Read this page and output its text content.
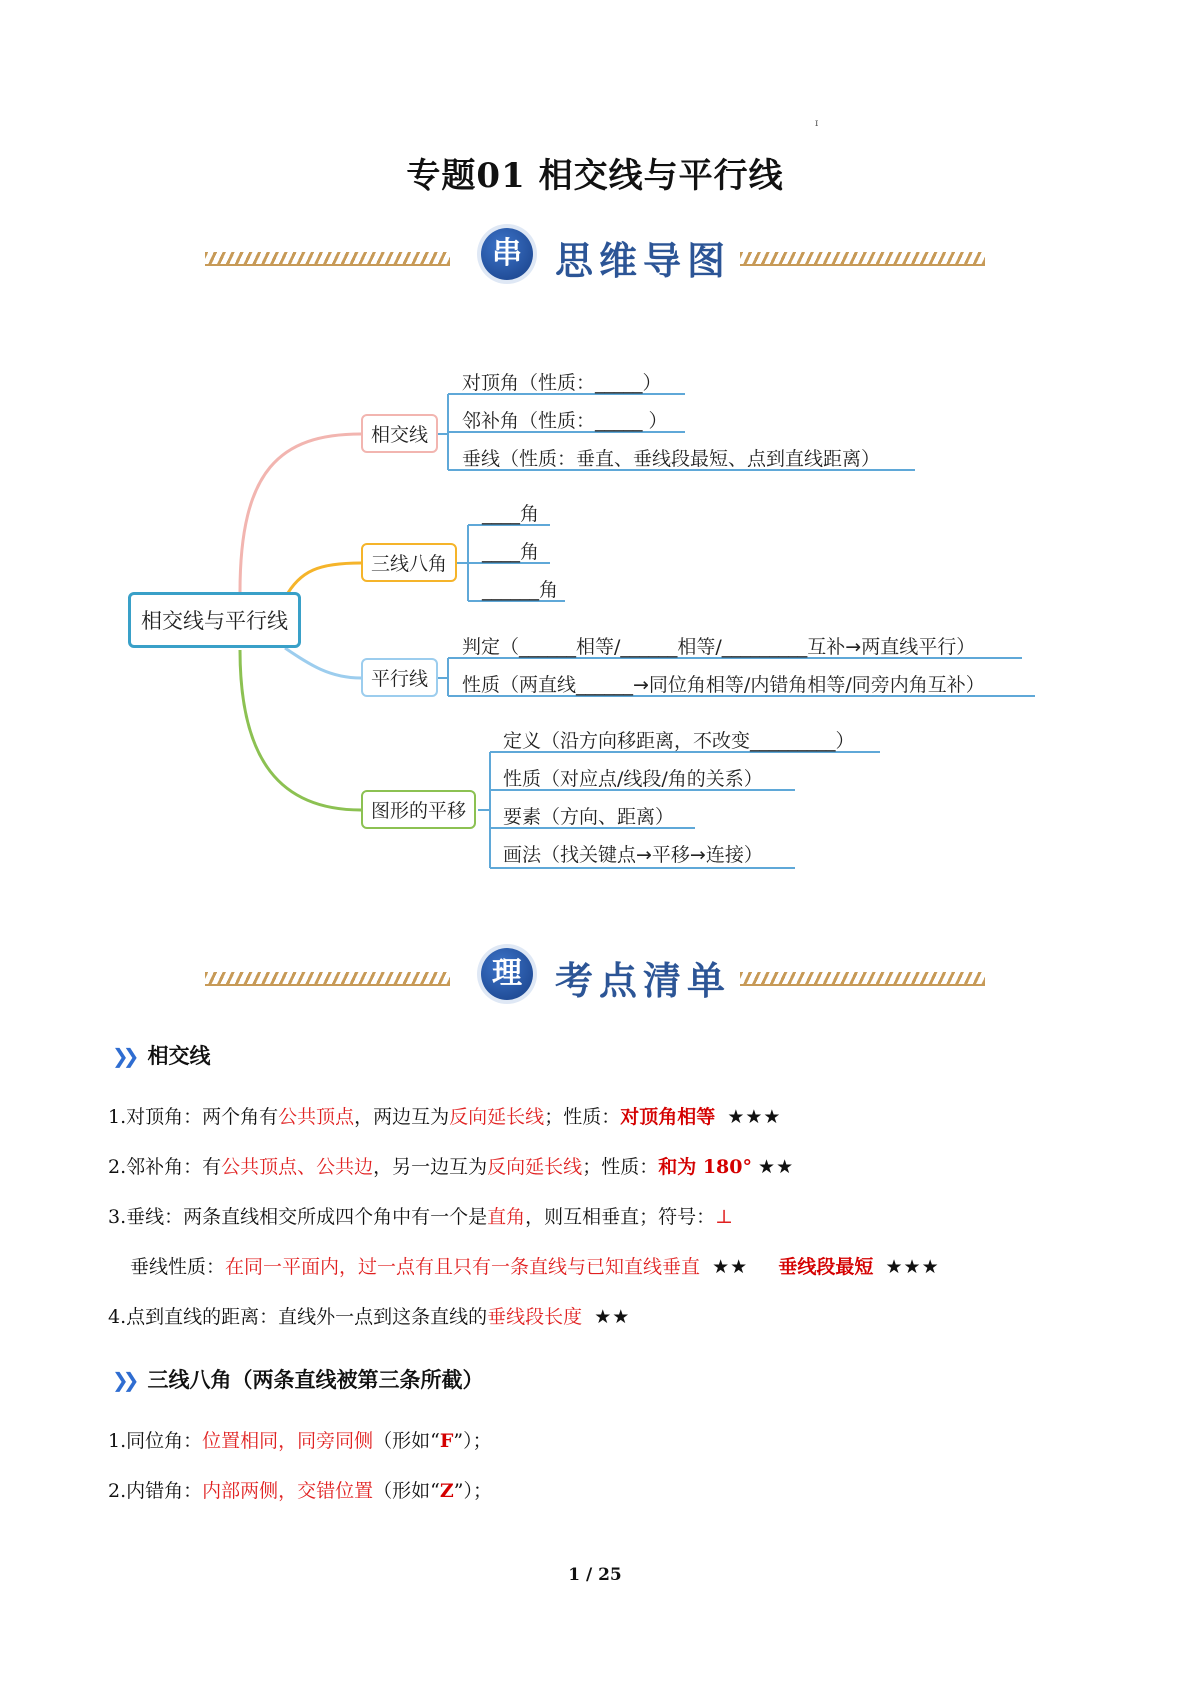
ɪ
专题01 相交线与平行线
串 思维导图
相交线与平行线
相交线
三线八角
平行线
图形的平移
对顶角（性质：_____）
邻补角（性质：_____ ）
垂线（性质：垂直、垂线段最短、点到直线距离）
____角
____角
______角
判定（______相等/______相等/_________互补→两直线平行）
性质（两直线______→同位角相等/内错角相等/同旁内角互补）
定义（沿方向移距离，不改变_________）
性质（对应点/线段/角的关系）
要素（方向、距离）
画法（找关键点→平移→连接）
理 考点清单
❯❯ 相交线
1.对顶角：两个角有公共顶点，两边互为反向延长线；性质：对顶角相等 ★★★
2.邻补角：有公共顶点、公共边，另一边互为反向延长线；性质：和为 180° ★★
3.垂线：两条直线相交所成四个角中有一个是直角，则互相垂直；符号：⊥
垂线性质：在同一平面内，过一点有且只有一条直线与已知直线垂直 ★★ 垂线段最短 ★★★
4.点到直线的距离：直线外一点到这条直线的垂线段长度 ★★
❯❯ 三线八角（两条直线被第三条所截）
1.同位角：位置相同，同旁同侧（形如“F”）；
2.内错角：内部两侧，交错位置（形如“Z”）；
1 / 25
